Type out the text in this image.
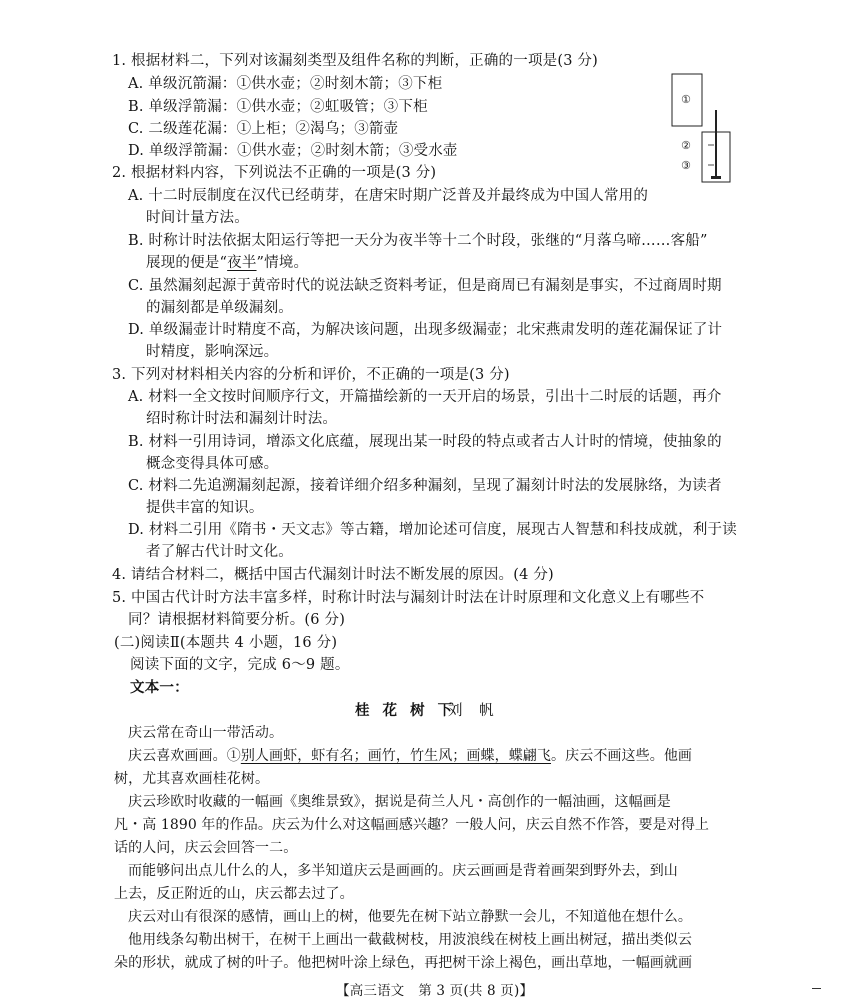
1. 根据材料二，下列对该漏刻类型及组件名称的判断，正确的一项是(3 分)
A. 单级沉箭漏：①供水壶；②时刻木箭；③下柜
B. 单级浮箭漏：①供水壶；②虹吸管；③下柜
C. 二级莲花漏：①上柜；②渴乌；③箭壶
D. 单级浮箭漏：①供水壶；②时刻木箭；③受水壶
①
②
③
2. 根据材料内容，下列说法不正确的一项是(3 分)
A. 十二时辰制度在汉代已经萌芽，在唐宋时期广泛普及并最终成为中国人常用的
时间计量方法。
B. 时称计时法依据太阳运行等把一天分为夜半等十二个时段，张继的“月落乌啼……客船”
展现的便是“夜半”情境。
C. 虽然漏刻起源于黄帝时代的说法缺乏资料考证，但是商周已有漏刻是事实，不过商周时期
的漏刻都是单级漏刻。
D. 单级漏壶计时精度不高，为解决该问题，出现多级漏壶；北宋燕肃发明的莲花漏保证了计
时精度，影响深远。
3. 下列对材料相关内容的分析和评价，不正确的一项是(3 分)
A. 材料一全文按时间顺序行文，开篇描绘新的一天开启的场景，引出十二时辰的话题，再介
绍时称计时法和漏刻计时法。
B. 材料一引用诗词，增添文化底蕴，展现出某一时段的特点或者古人计时的情境，使抽象的
概念变得具体可感。
C. 材料二先追溯漏刻起源，接着详细介绍多种漏刻，呈现了漏刻计时法的发展脉络，为读者
提供丰富的知识。
D. 材料二引用《隋书・天文志》等古籍，增加论述可信度，展现古人智慧和科技成就，利于读
者了解古代计时文化。
4. 请结合材料二，概括中国古代漏刻计时法不断发展的原因。(4 分)
5. 中国古代计时方法丰富多样，时称计时法与漏刻计时法在计时原理和文化意义上有哪些不
同？请根据材料简要分析。(6 分)
(二)阅读Ⅱ(本题共 4 小题，16 分)
阅读下面的文字，完成 6～9 题。
文本一：
桂 花 树 下
刘 帆
庆云常在奇山一带活动。
庆云喜欢画画。①别人画虾，虾有名；画竹，竹生风；画蝶，蝶翩飞。庆云不画这些。他画
树，尤其喜欢画桂花树。
庆云珍欧时收藏的一幅画《奥维景致》，据说是荷兰人凡・高创作的一幅油画，这幅画是
凡・高 1890 年的作品。庆云为什么对这幅画感兴趣？一般人问，庆云自然不作答，要是对得上
话的人问，庆云会回答一二。
而能够问出点儿什么的人，多半知道庆云是画画的。庆云画画是背着画架到野外去，到山
上去，反正附近的山，庆云都去过了。
庆云对山有很深的感情，画山上的树，他要先在树下站立静默一会儿，不知道他在想什么。
他用线条勾勒出树干，在树干上画出一截截树枝，用波浪线在树枝上画出树冠，描出类似云
朵的形状，就成了树的叶子。他把树叶涂上绿色，再把树干涂上褐色，画出草地，一幅画就画
【高三语文　第 3 页(共 8 页)】
